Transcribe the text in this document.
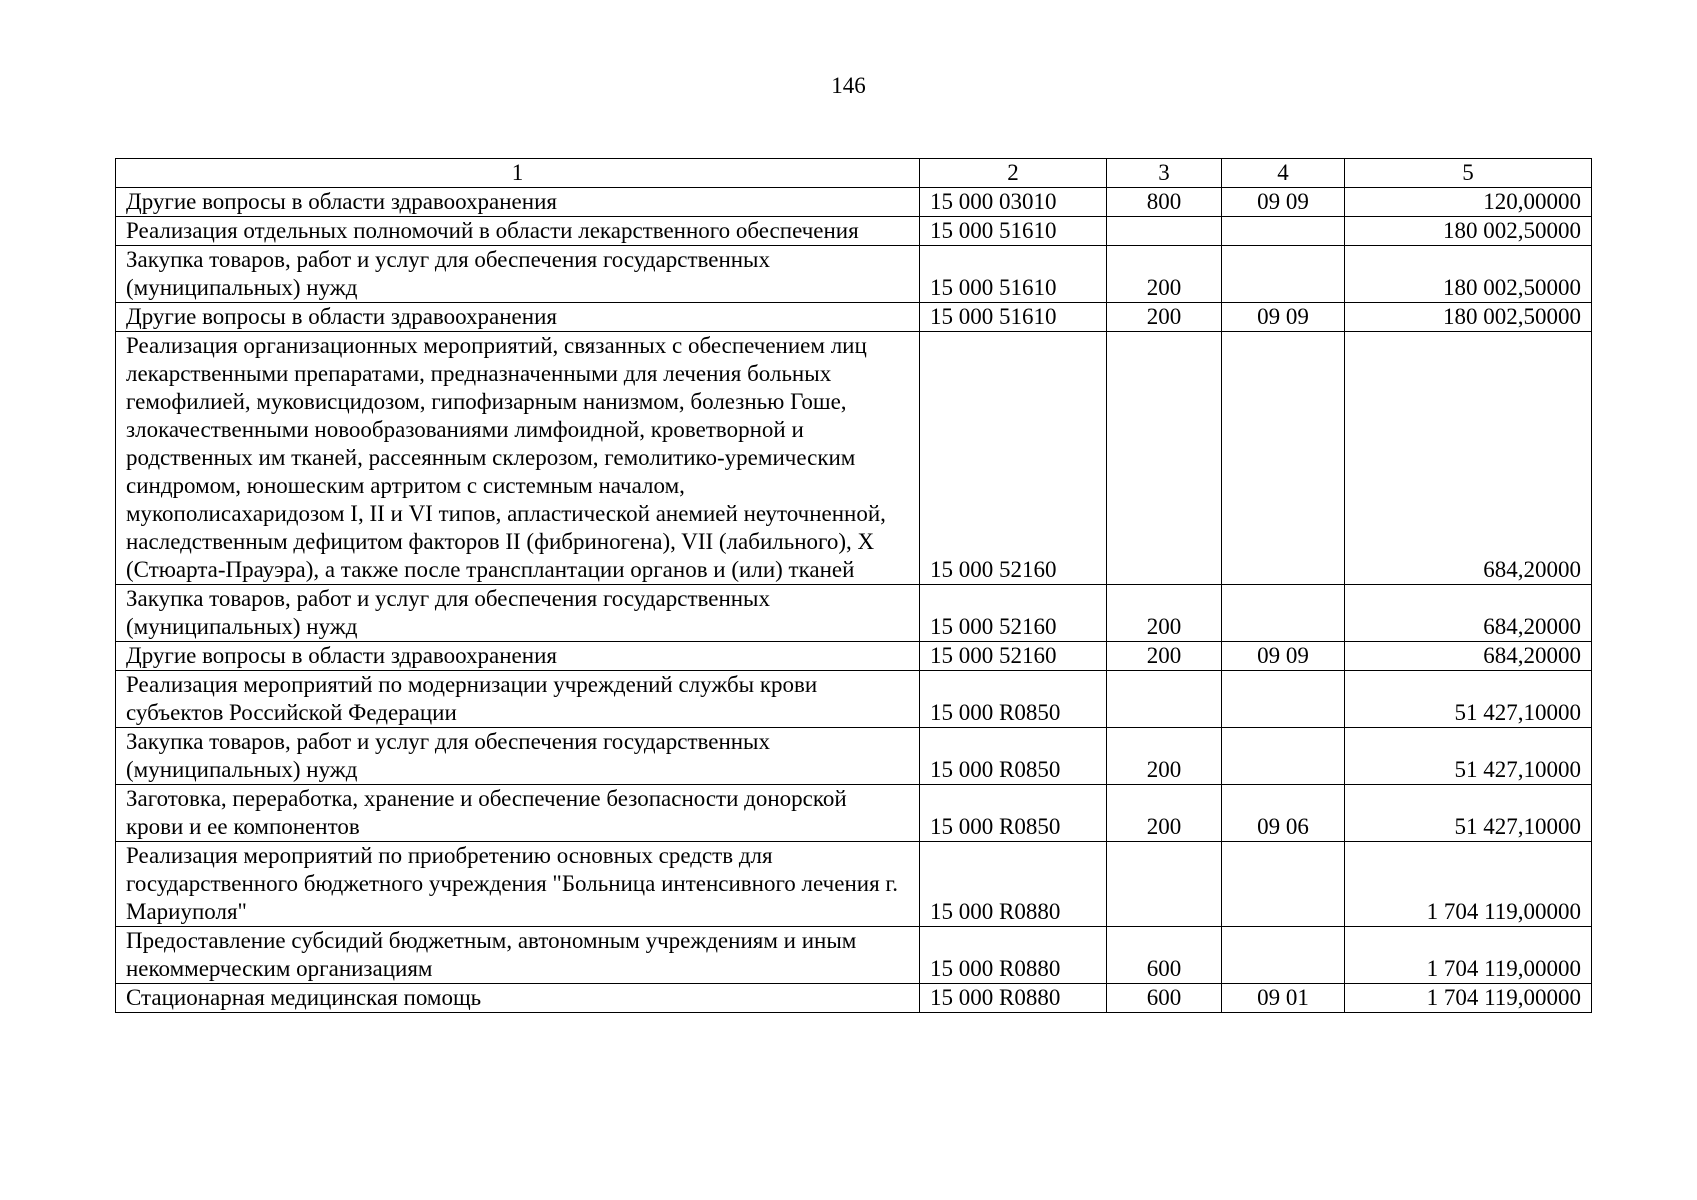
146
1	2	3	4	5
Другие вопросы в области здравоохранения	15 000 03010	800	09 09	120,00000
Реализация отдельных полномочий в области лекарственного обеспечения	15 000 51610			180 002,50000
Закупка товаров, работ и услуг для обеспечения государственных (муниципальных) нужд	15 000 51610	200		180 002,50000
Другие вопросы в области здравоохранения	15 000 51610	200	09 09	180 002,50000
Реализация организационных мероприятий, связанных с обеспечением лиц лекарственными препаратами, предназначенными для лечения больных гемофилией, муковисцидозом, гипофизарным нанизмом, болезнью Гоше, злокачественными новообразованиями лимфоидной, кроветворной и родственных им тканей, рассеянным склерозом, гемолитико-уремическим синдромом, юношеским артритом с системным началом, мукополисахаридозом I, II и VI типов, апластической анемией неуточненной, наследственным дефицитом факторов II (фибриногена), VII (лабильного), X (Стюарта-Прауэра), а также после трансплантации органов и (или) тканей	15 000 52160			684,20000
Закупка товаров, работ и услуг для обеспечения государственных (муниципальных) нужд	15 000 52160	200		684,20000
Другие вопросы в области здравоохранения	15 000 52160	200	09 09	684,20000
Реализация мероприятий по модернизации учреждений службы крови субъектов Российской Федерации	15 000 R0850			51 427,10000
Закупка товаров, работ и услуг для обеспечения государственных (муниципальных) нужд	15 000 R0850	200		51 427,10000
Заготовка, переработка, хранение и обеспечение безопасности донорской крови и ее компонентов	15 000 R0850	200	09 06	51 427,10000
Реализация мероприятий по приобретению основных средств для государственного бюджетного учреждения "Больница интенсивного лечения г. Мариуполя"	15 000 R0880			1 704 119,00000
Предоставление субсидий бюджетным, автономным учреждениям и иным некоммерческим организациям	15 000 R0880	600		1 704 119,00000
Стационарная медицинская помощь	15 000 R0880	600	09 01	1 704 119,00000
